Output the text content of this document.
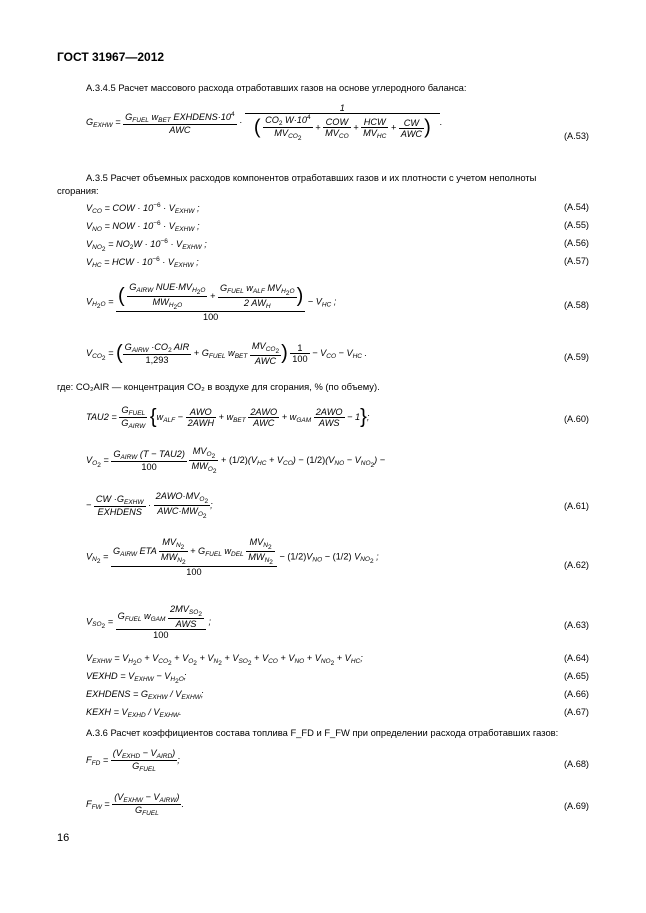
ГОСТ 31967—2012
А.3.4.5 Расчет массового расхода отработавших газов на основе углеродного баланса:
$G_{EXHW} = \frac{G_{FUEL} w_{BET} EXHDENS\cdot 10^4}{\text{AWC}}$ ·
1
( $\frac{CO_2 W\cdot 10^4}{MV_{CO_2}} + \frac{\text{COW}}{MV_{CO}} + \frac{\text{HCW}}{MV_{HC}} + \frac{CW}{\text{AWC}}$ ) .
(А.53)
А.3.5 Расчет объемных расходов компонентов отработавших газов и их плотности с учетом неполноты
сгорания:
$V_{CO}$ = COW · $10^{-6} \cdot V_{EXHW}$ ;	(А.54)
$V_{NO}$ = NOW · $10^{-6} \cdot V_{EXHW}$ ;	(А.55)
$V_{NO_2} = NO_2W \cdot 10^{-6} \cdot V_{EXHW}$ ;	(А.56)
$V_{HC}$ = HCW · $10^{-6} \cdot V_{EXHW}$ ;	(А.57)
$V_{H_2O} = \frac{( \frac{G_{AIRW} NUE\cdot MV_{H_2O}}{MW_{H_2O}} + \frac{G_{FUEL} w_{ALF} MV_{H_2O}}{2 AW_H} )}{100} - V_{HC}$ ;	(А.58)
$V_{CO_2}$ = ( $\frac{G_{AIRW} \cdot CO_2 AIR}{1,293} + G_{FUEL}$ $w_{BET} \frac{MV_{CO_2}}{\text{AWC}}$ ) $\frac{1}{100} - V_{CO} - V_{HC}$ .	(А.59)
где: CO₂AIR — концентрация CO₂ в воздухе для сгорания, % (по объему).
$TAU2 = \frac{G_{FUEL}}{G_{AIRW}} \{w_{ALF} - \frac{\text{AWO}}{\text{2AWH}} + w_{BET} \frac{\text{2AWO}}{\text{AWC}} + w_{GAM} \frac{\text{2AWO}}{\text{AWS}} - 1\}$;	(А.60)
$V_{O_2} = \frac{G_{AIRW} (T - TAU2)}{100}$
$\frac{MV_{O_2}}{MW_{O_2}} + (1/2)(V_{HC} + V_{CO}) - (1/2)(V_{NO} - V_{NO_2})$ −
− $\frac{CW \cdot G_{EXHW}}{\text{EXHDENS}} \cdot \frac{2AWO\cdot MV_{O_2}}{AWC\cdot MW_{O_2}}$ ;	(А.61)
$V_{N_2} = \frac{G_{AIRW} ETA \frac{MV_{N_2}}{MW_{N_2}} + G_{FUEL} w_{DEL} \frac{MV_{N_2}}{MW_{N_2}}}{100} - (1/2)V_{NO} - (1/2)$ $V_{NO_2}$ ;
(А.62)
$V_{SO_2} = \frac{G_{FUEL} w_{GAM} \frac{2MV_{SO_2}}{\text{AWS}}}{100}$ ;	(А.63)
$V_{EXHW} = V_{H_2O} + V_{CO_2} + V_{O_2} + V_{N_2} + V_{SO_2} + V_{CO} + V_{NO} + V_{NO_2} + V_{HC}$;	(А.64)
VEXHD = $V_{EXHW} - V_{H_2O}$;	(А.65)
EXHDENS = $G_{EXHW} / V_{EXHW}$;	(А.66)
KEXH = $V_{EXHD} / V_{EXHW}$.	(А.67)
А.3.6 Расчет коэффициентов состава топлива F_FD и F_FW при определении расхода отработавших газов:
$F_{FD} = \frac{(V_{EXHD} - V_{AIRD})}{G_{FUEL}}$ ;	(А.68)
$F_{FW} = \frac{(V_{EXHW} - V_{AIRW})}{G_{FUEL}}$ .	(А.69)
16
